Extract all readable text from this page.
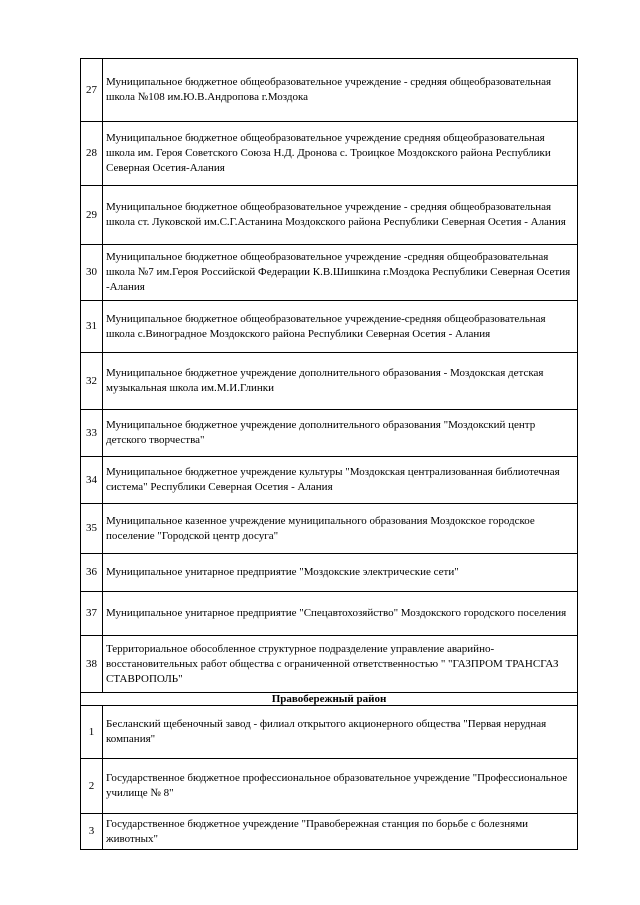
27	Муниципальное бюджетное общеобразовательное учреждение - средняя общеобразовательная школа №108 им.Ю.В.Андропова г.Моздока
28	Муниципальное бюджетное общеобразовательное учреждение средняя общеобразовательная школа им. Героя Советского Союза Н.Д. Дронова с. Троицкое Моздокского района Республики Северная Осетия-Алания
29	Муниципальное бюджетное общеобразовательное учреждение - средняя общеобразовательная школа ст. Луковской им.С.Г.Астанина Моздокского района Республики Северная Осетия - Алания
30	Муниципальное бюджетное общеобразовательное учреждение -средняя общеобразовательная школа №7 им.Героя Российской Федерации К.В.Шишкина г.Моздока Республики Северная Осетия -Алания
31	Муниципальное бюджетное общеобразовательное учреждение-средняя общеобразовательная школа с.Виноградное Моздокского района Республики Северная Осетия - Алания
32	Муниципальное бюджетное учреждение дополнительного образования - Моздокская детская музыкальная школа им.М.И.Глинки
33	Муниципальное бюджетное учреждение дополнительного образования "Моздокский центр детского творчества"
34	Муниципальное бюджетное учреждение культуры "Моздокская централизованная библиотечная система" Республики Северная Осетия - Алания
35	Муниципальное казенное учреждение муниципального образования Моздокское городское поселение "Городской центр досуга"
36	Муниципальное унитарное предприятие "Моздокские электрические сети"
37	Муниципальное унитарное предприятие "Спецавтохозяйство" Моздокского городского поселения
38	Территориальное обособленное структурное подразделение управление аварийно-восстановительных работ общества с ограниченной ответственностью " "ГАЗПРОМ ТРАНСГАЗ СТАВРОПОЛЬ"
Правобережный район	
1	Бесланский щебеночный завод - филиал открытого акционерного общества "Первая нерудная компания"
2	Государственное бюджетное профессиональное образовательное учреждение "Профессиональное училище № 8"
3	Государственное бюджетное учреждение "Правобережная станция по борьбе с болезнями животных"
